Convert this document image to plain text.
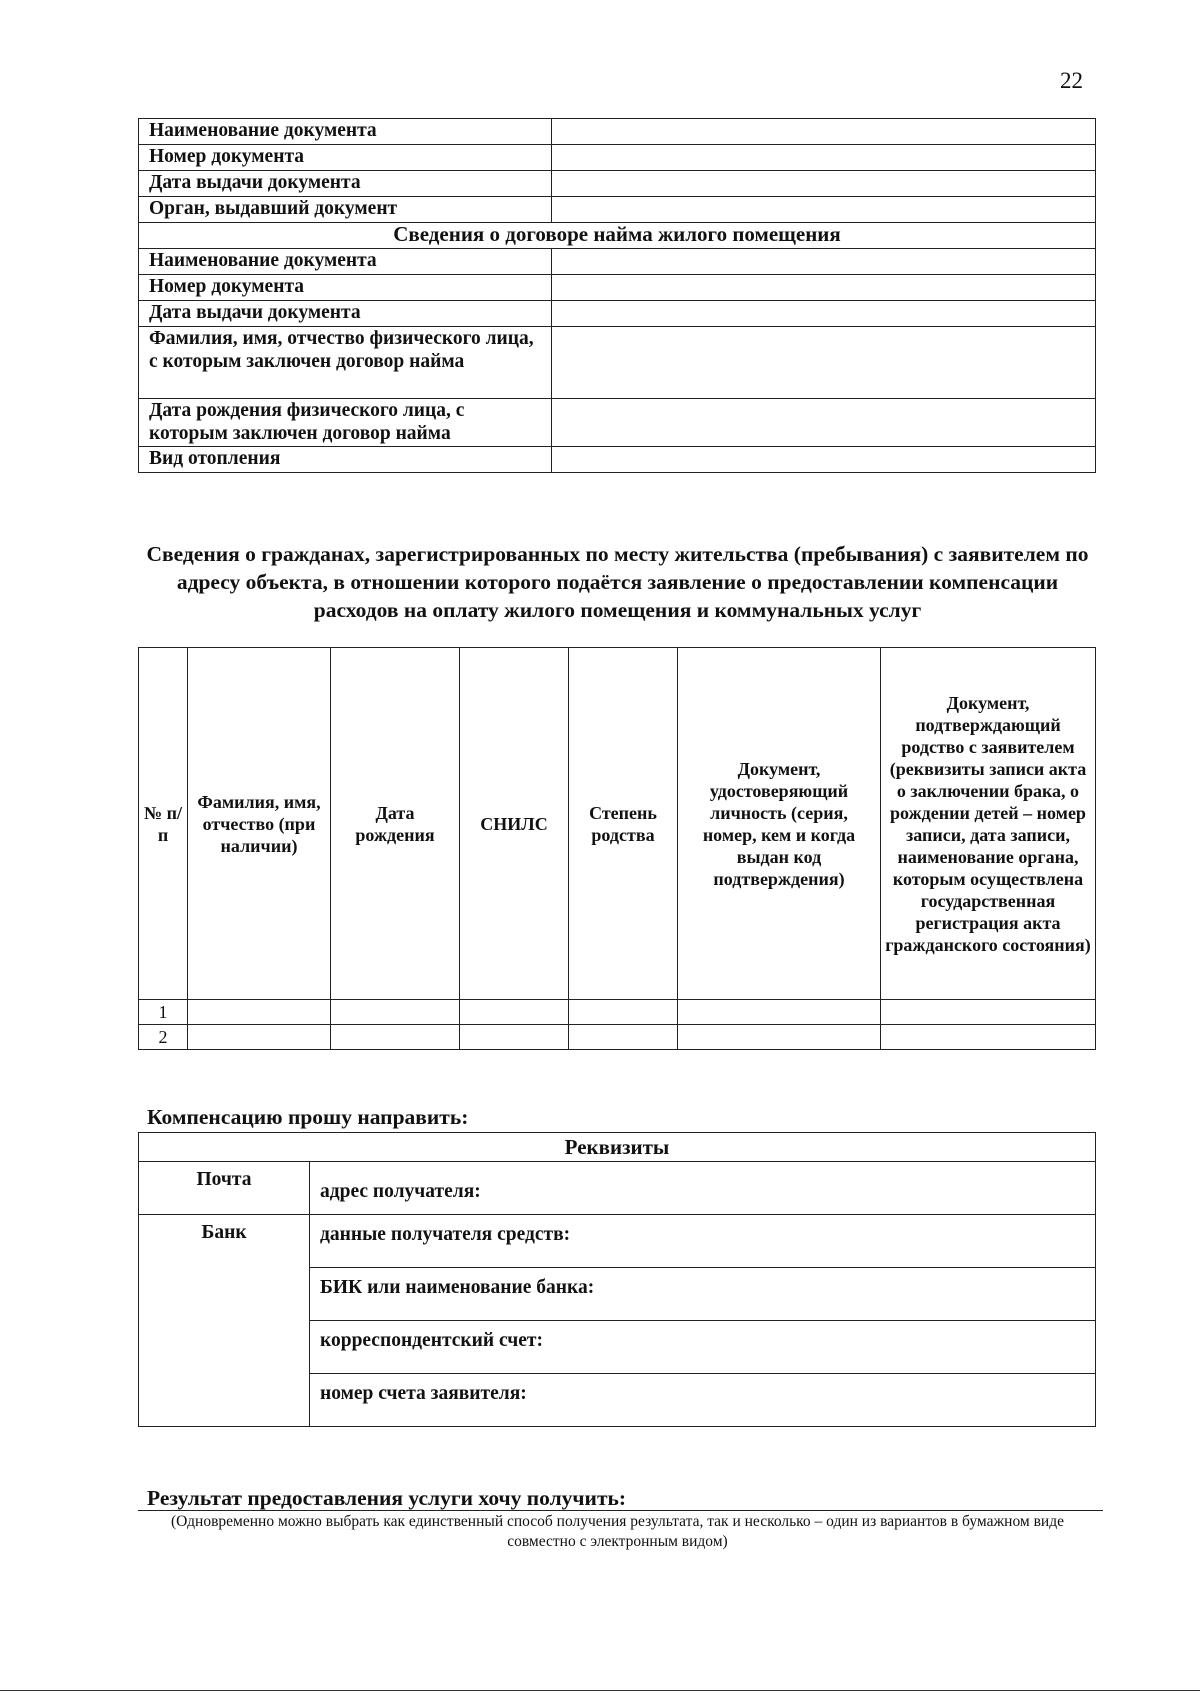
22
Наименование документа	
Номер документа	
Дата выдачи документа	
Орган, выдавший документ	
Сведения о договоре найма жилого помещения	
Наименование документа	
Номер документа	
Дата выдачи документа	
Фамилия, имя, отчество физического лица, с которым заключен договор найма	
Дата рождения физического лица, с которым заключен договор найма	
Вид отопления	
Сведения о гражданах, зарегистрированных по месту жительства (пребывания) с заявителем по адресу объекта, в отношении которого подаётся заявление о предоставлении компенсации расходов на оплату жилого помещения и коммунальных услуг
№ п/ п	Фамилия, имя, отчество (при наличии)	Дата рождения	СНИЛС	Степень родства	Документ, удостоверяющий личность (серия, номер, кем и когда выдан код подтверждения)	Документ, подтверждающий родство с заявителем (реквизиты записи акта о заключении брака, о рождении детей – номер записи, дата записи, наименование органа, которым осуществлена государственная регистрация акта гражданского состояния)
1						
2						
Компенсацию прошу направить:
Реквизиты	
Почта	адрес получателя:
Банк	данные получателя средств:
	БИК или наименование банка:
	корреспондентский счет:
	номер счета заявителя:
Результат предоставления услуги хочу получить:
(Одновременно можно выбрать как единственный способ получения результата, так и несколько – один из вариантов в бумажном виде совместно с электронным видом)
